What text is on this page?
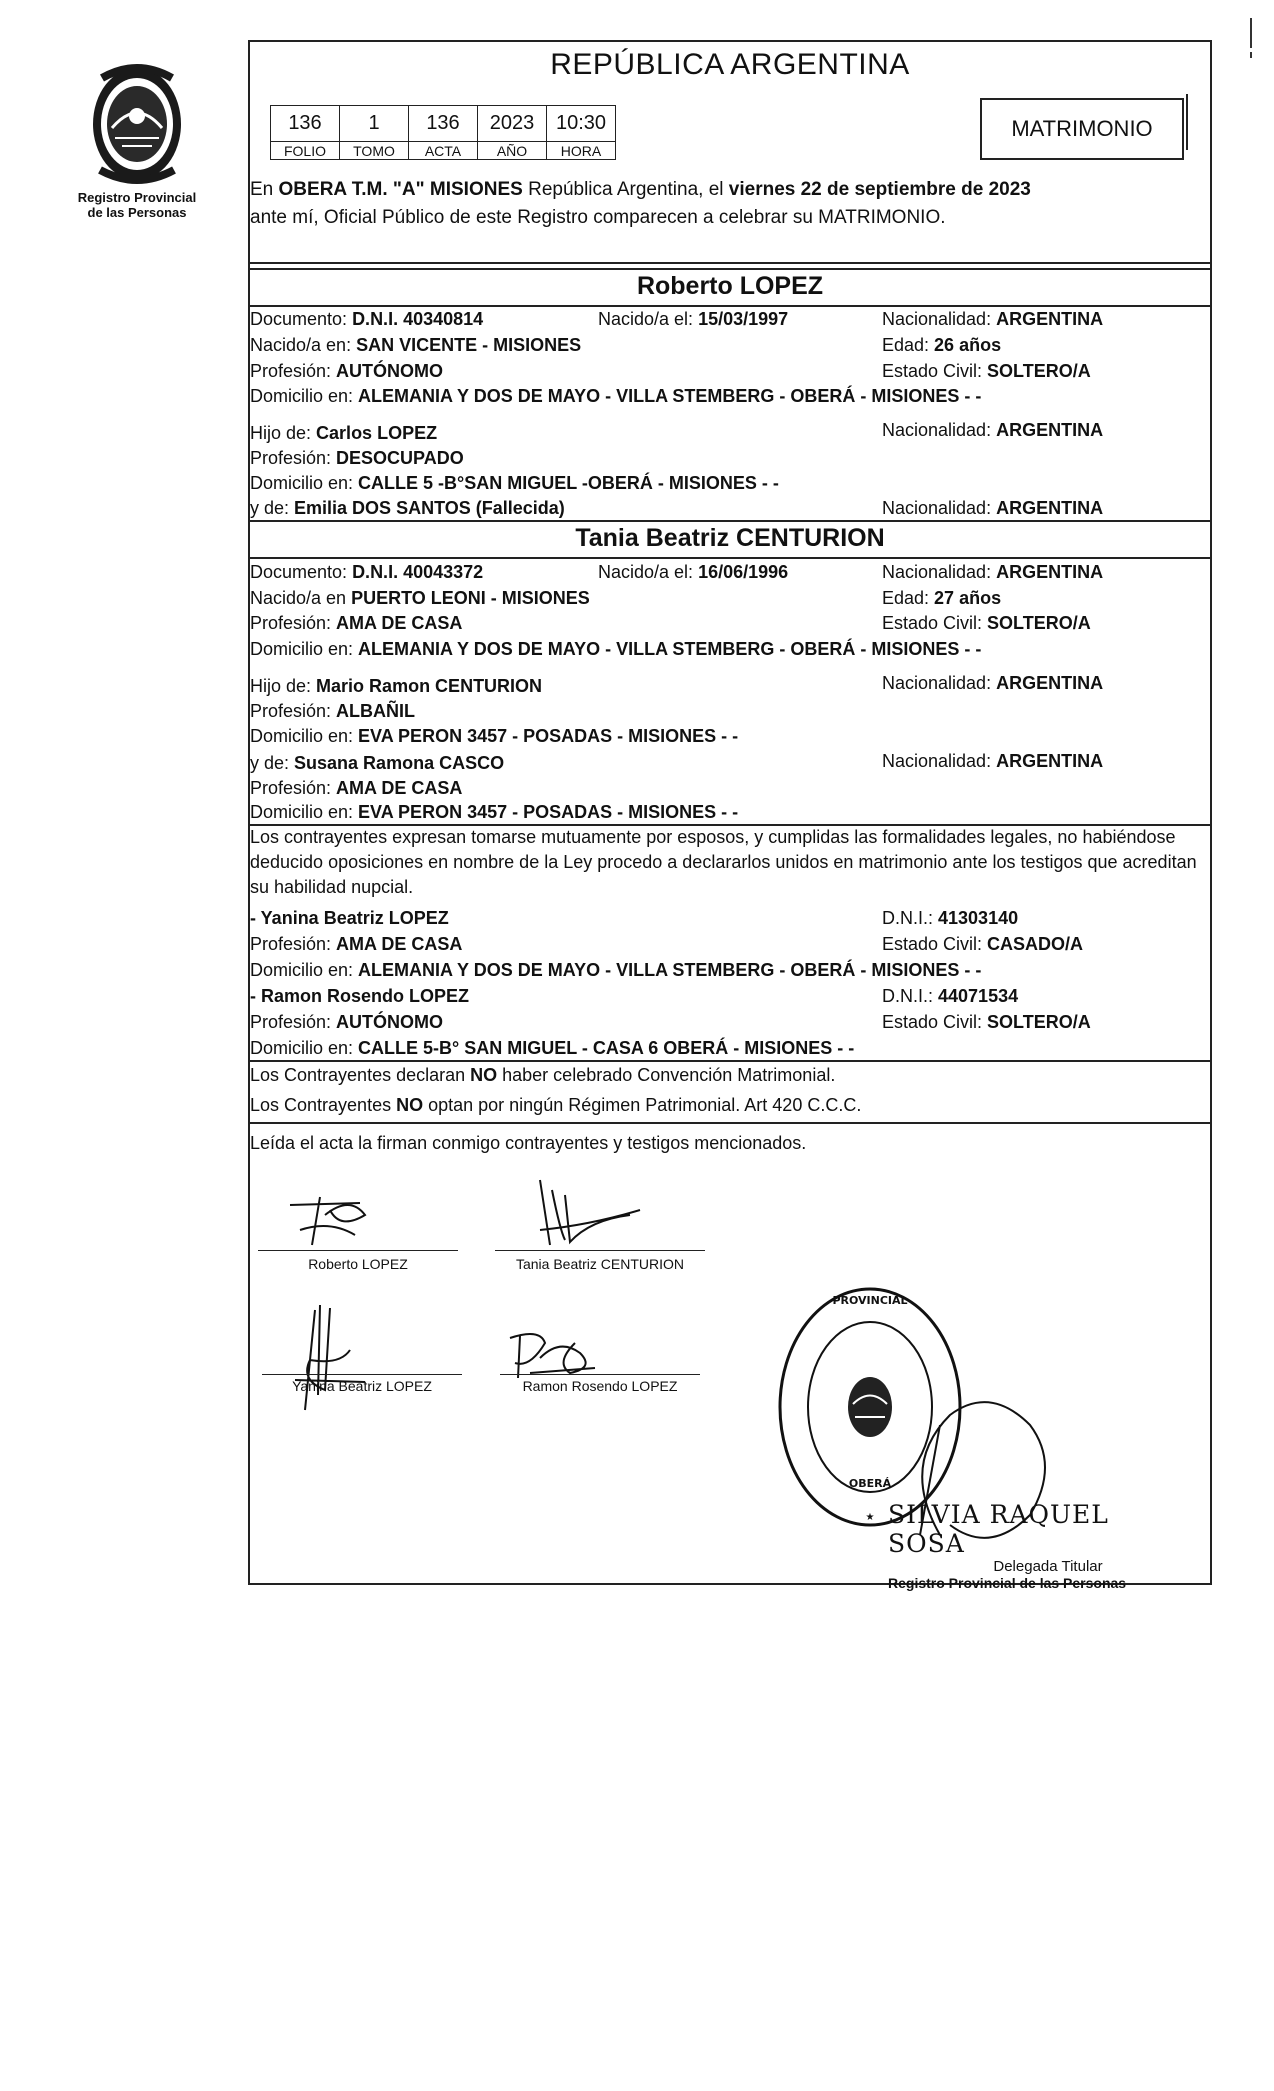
Registro Provincial
de las Personas
REPÚBLICA ARGENTINA
136	1	136	2023	10:30
FOLIO	TOMO	ACTA	AÑO	HORA
MATRIMONIO
En OBERA T.M. "A" MISIONES República Argentina, el viernes 22 de septiembre de 2023
ante mí, Oficial Público de este Registro comparecen a celebrar su MATRIMONIO.
Roberto LOPEZ
Documento: D.N.I. 40340814	Nacido/a el: 15/03/1997	Nacionalidad: ARGENTINA
Nacido/a en: SAN VICENTE - MISIONES	Edad: 26 años
Profesión: AUTÓNOMO	Estado Civil: SOLTERO/A
Domicilio en: ALEMANIA Y DOS DE MAYO - VILLA STEMBERG - OBERÁ - MISIONES - -
Hijo de: Carlos LOPEZ	Nacionalidad: ARGENTINA
Profesión: DESOCUPADO
Domicilio en: CALLE 5 -B°SAN MIGUEL -OBERÁ - MISIONES - -
y de: Emilia DOS SANTOS (Fallecida)	Nacionalidad: ARGENTINA
Tania Beatriz CENTURION
Documento: D.N.I. 40043372	Nacido/a el: 16/06/1996	Nacionalidad: ARGENTINA
Nacido/a en PUERTO LEONI - MISIONES	Edad: 27 años
Profesión: AMA DE CASA	Estado Civil: SOLTERO/A
Domicilio en: ALEMANIA Y DOS DE MAYO - VILLA STEMBERG - OBERÁ - MISIONES - -
Hijo de: Mario Ramon CENTURION	Nacionalidad: ARGENTINA
Profesión: ALBAÑIL
Domicilio en: EVA PERON 3457 - POSADAS - MISIONES - -
y de: Susana Ramona CASCO	Nacionalidad: ARGENTINA
Profesión: AMA DE CASA
Domicilio en: EVA PERON 3457 - POSADAS - MISIONES - -
Los contrayentes expresan tomarse mutuamente por esposos, y cumplidas las formalidades legales, no habiéndose deducido oposiciones en nombre de la Ley procedo a declararlos unidos en matrimonio ante los testigos que acreditan su habilidad nupcial.
- Yanina Beatriz LOPEZ	D.N.I.: 41303140
Profesión: AMA DE CASA	Estado Civil: CASADO/A
Domicilio en: ALEMANIA Y DOS DE MAYO - VILLA STEMBERG - OBERÁ - MISIONES - -
- Ramon Rosendo LOPEZ	D.N.I.: 44071534
Profesión: AUTÓNOMO	Estado Civil: SOLTERO/A
Domicilio en: CALLE 5-B° SAN MIGUEL - CASA 6 OBERÁ - MISIONES - -
Los Contrayentes declaran NO haber celebrado Convención Matrimonial.
Los Contrayentes NO optan por ningún Régimen Patrimonial. Art 420 C.C.C.
Leída el acta la firman conmigo contrayentes y testigos mencionados.
Roberto LOPEZ	Tania Beatriz CENTURION
Yanina Beatriz LOPEZ	Ramon Rosendo LOPEZ
PROVINCIAL
OBERÁ
★ SILVIA RAQUEL SOSA
Delegada Titular
Registro Provincial de las Personas
